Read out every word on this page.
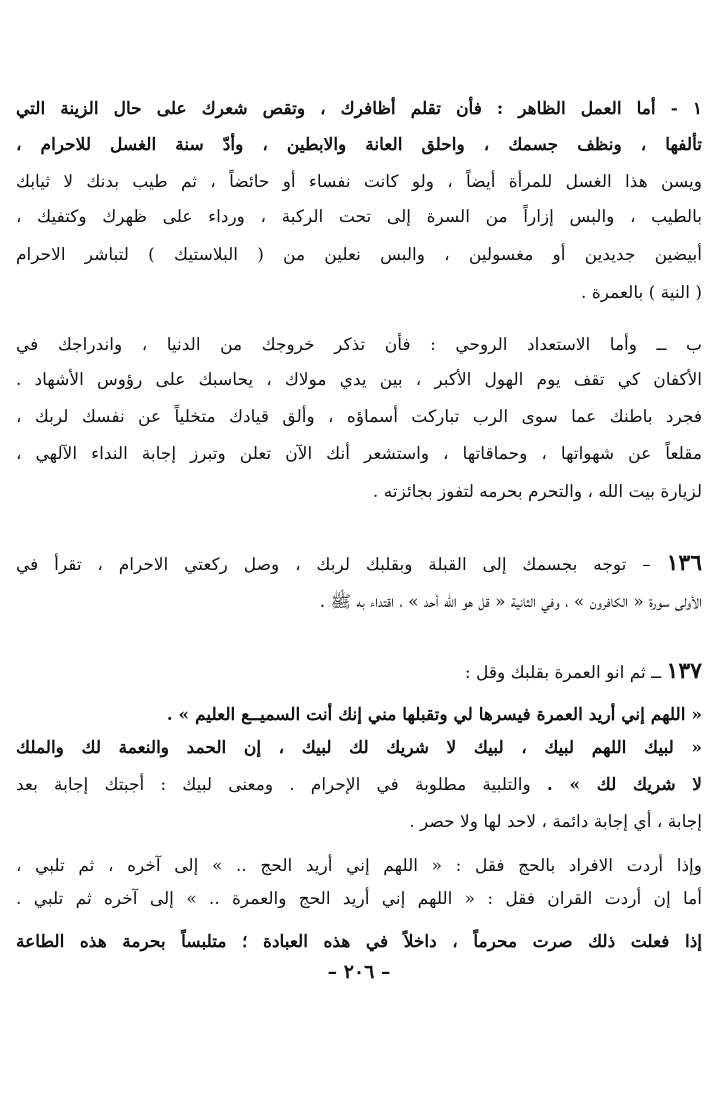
١ - أما العمل الظاهر : فأن تقلم أظافرك ، وتقص شعرك على حال الزينة التي
تألفها ، ونظف جسمك ، واحلق العانة والابطين ، وأدّ سنة الغسل للاحرام ،
ويسن هذا الغسل للمرأة أيضاً ، ولو كانت نفساء أو حائضاً ، ثم طيب بدنك لا ثيابك
بالطيب ، والبس إزاراً من السرة إلى تحت الركبة ، ورداء على ظهرك وكتفيك ،
أبيضين جديدين أو مغسولين ، والبس نعلين من ( البلاستيك ) لتباشر الاحرام
( النية ) بالعمرة .
ب ــ وأما الاستعداد الروحي : فأن تذكر خروجك من الدنيا ، واندراجك في
الأكفان كي تقف يوم الهول الأكبر ، بين يدي مولاك ، يحاسبك على رؤوس الأشهاد .
فجرد باطنك عما سوى الرب تباركت أسماؤه ، وألق قيادك متخلياً عن نفسك لربك ،
مقلعاً عن شهواتها ، وحماقاتها ، واستشعر أنك الآن تعلن وتبرز إجابة النداء الآلهي ،
لزيارة بيت الله ، والتحرم بحرمه لتفوز بجائزته .
١٣٦ – توجه بجسمك إلى القبلة وبقلبك لربك ، وصل ركعتي الاحرام ، تقرأ في
الأولى سورة « الكافرون » ، وفي الثانية « قل هو الله أحد » ، اقتداء به ﷺ .
١٣٧ ــ ثم انو العمرة بقلبك وقل :
« اللهم إني أريد العمرة فيسرها لي وتقبلها مني إنك أنت السميــع العليم » .
« لبيك اللهم لبيك ، لبيك لا شريك لك لبيك ، إن الحمد والنعمة لك والملك
لا شريك لك » . والتلبية مطلوبة في الإحرام . ومعنى لبيك : أجبتك إجابة بعد
إجابة ، أي إجابة دائمة ، لاحد لها ولا حصر .
وإذا أردت الافراد بالحج فقل : « اللهم إني أريد الحج .. » إلى آخره ، ثم تلبي ،
أما إن أردت القران فقل : « اللهم إني أريد الحج والعمرة .. » إلى آخره ثم تلبي .
إذا فعلت ذلك صرت محرماً ، داخلاً في هذه العبادة ؛ متلبساً بحرمة هذه الطاعة
– ٢٠٦ –
